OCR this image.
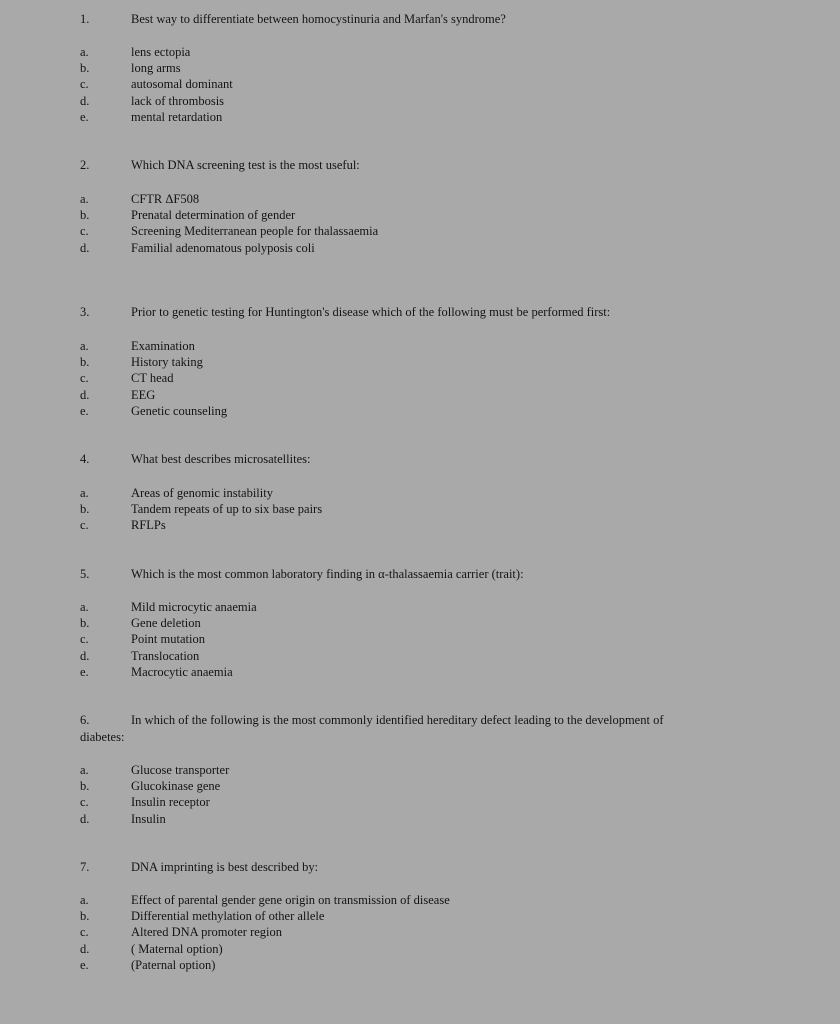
1.	Best way to differentiate between homocystinuria and Marfan's syndrome?
a.	lens ectopia
b.	long arms
c.	autosomal dominant
d.	lack of thrombosis
e.	mental retardation
2.	Which DNA screening test is the most useful:
a.	CFTR ΔF508
b.	Prenatal determination of gender
c.	Screening Mediterranean people for thalassaemia
d.	Familial adenomatous polyposis coli
3.	Prior to genetic testing for Huntington's disease which of the following must be performed first:
a.	Examination
b.	History taking
c.	CT head
d.	EEG
e.	Genetic counseling
4.	What best describes microsatellites:
a.	Areas of genomic instability
b.	Tandem repeats of up to six base pairs
c.	RFLPs
5.	Which is the most common laboratory finding in α-thalassaemia carrier (trait):
a.	Mild microcytic anaemia
b.	Gene deletion
c.	Point mutation
d.	Translocation
e.	Macrocytic anaemia
6.	In which of the following is the most commonly identified hereditary defect leading to the development of
diabetes:
a.	Glucose transporter
b.	Glucokinase gene
c.	Insulin receptor
d.	Insulin
7.	DNA imprinting is best described by:
a.	Effect of parental gender gene origin on transmission of disease
b.	Differential methylation of other allele
c.	Altered DNA promoter region
d.	( Maternal option)
e.	(Paternal option)
